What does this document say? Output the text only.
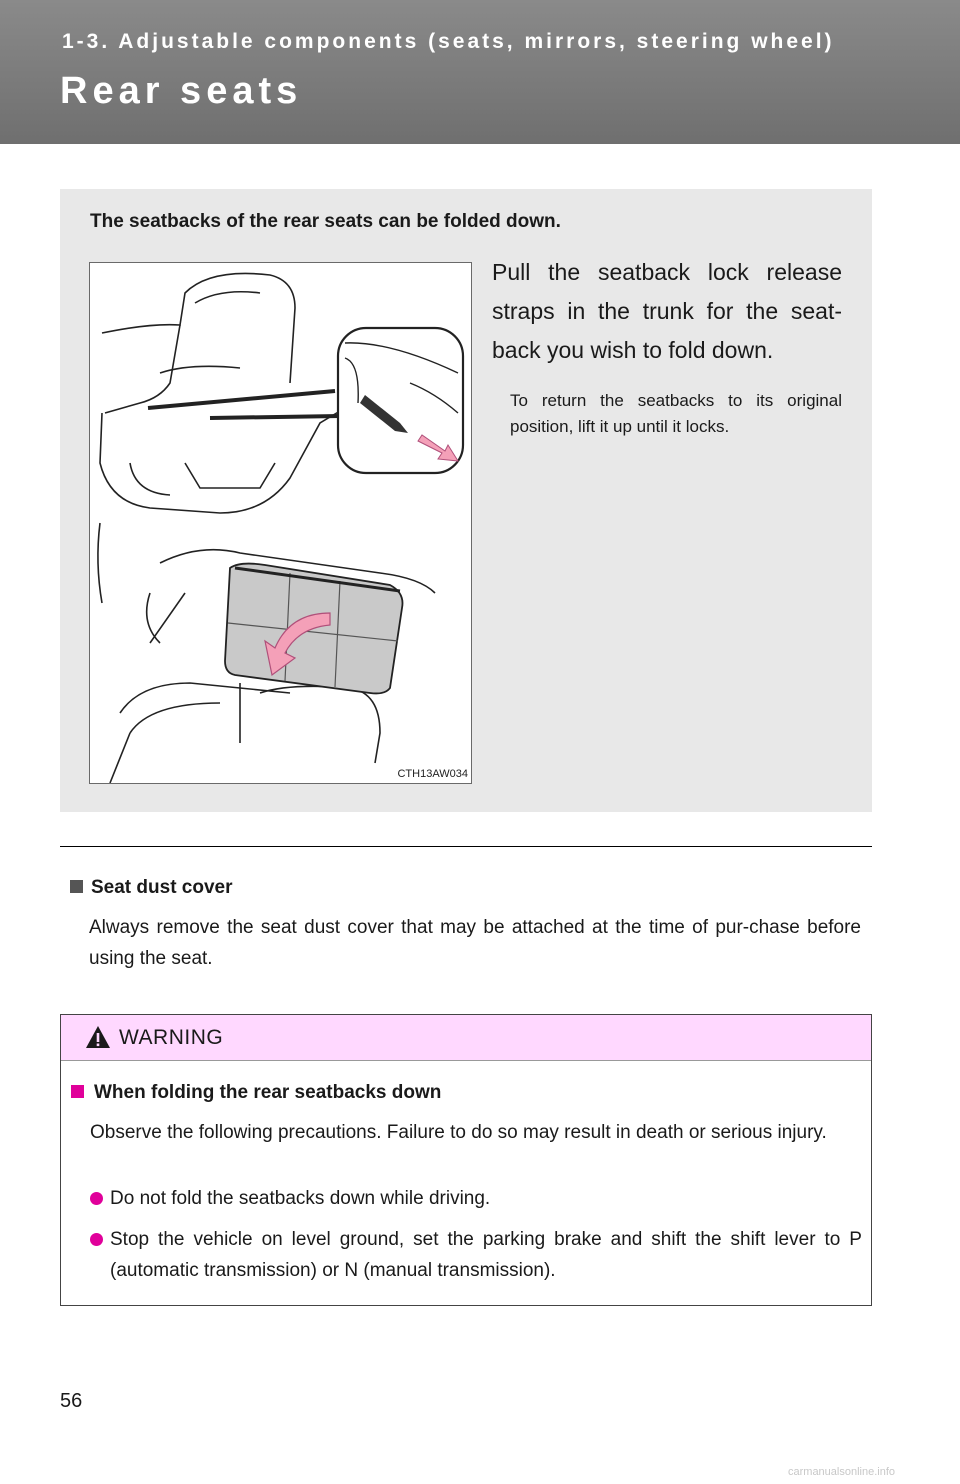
1-3. Adjustable components (seats, mirrors, steering wheel)
Rear seats
The seatbacks of the rear seats can be folded down.
CTH13AW034
Pull the seatback lock release straps in the trunk for the seat-back you wish to fold down.
To return the seatbacks to its original position, lift it up until it locks.
Seat dust cover
Always remove the seat dust cover that may be attached at the time of pur-chase before using the seat.
WARNING
When folding the rear seatbacks down
Observe the following precautions. Failure to do so may result in death or serious injury.
Do not fold the seatbacks down while driving.
Stop the vehicle on level ground, set the parking brake and shift the shift lever to P (automatic transmission) or N (manual transmission).
56
carmanualsonline.info
